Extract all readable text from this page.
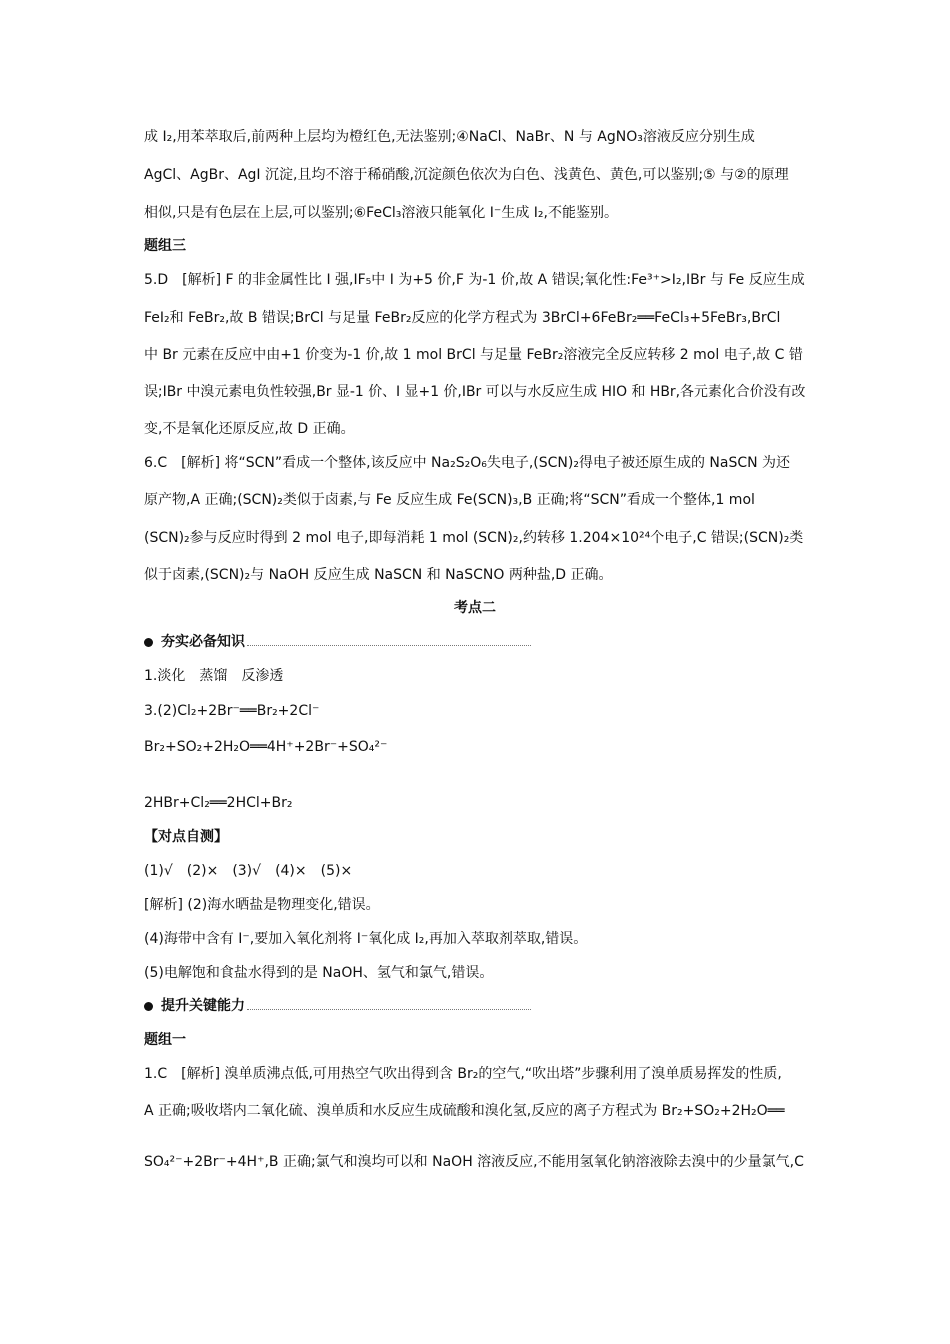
成 I₂,用苯萃取后,前两种上层均为橙红色,无法鉴别;④NaCl、NaBr、N 与 AgNO₃溶液反应分别生成
AgCl、AgBr、AgI 沉淀,且均不溶于稀硝酸,沉淀颜色依次为白色、浅黄色、黄色,可以鉴别;⑤ 与②的原理
相似,只是有色层在上层,可以鉴别;⑥FeCl₃溶液只能氧化 I⁻生成 I₂,不能鉴别。
题组三
5.D　[解析] F 的非金属性比 I 强,IF₅中 I 为+5 价,F 为-1 价,故 A 错误;氧化性:Fe³⁺>I₂,IBr 与 Fe 反应生成
FeI₂和 FeBr₂,故 B 错误;BrCl 与足量 FeBr₂反应的化学方程式为 3BrCl+6FeBr₂══FeCl₃+5FeBr₃,BrCl
中 Br 元素在反应中由+1 价变为-1 价,故 1 mol BrCl 与足量 FeBr₂溶液完全反应转移 2 mol 电子,故 C 错
误;IBr 中溴元素电负性较强,Br 显-1 价、I 显+1 价,IBr 可以与水反应生成 HIO 和 HBr,各元素化合价没有改
变,不是氧化还原反应,故 D 正确。
6.C　[解析] 将“SCN”看成一个整体,该反应中 Na₂S₂O₆失电子,(SCN)₂得电子被还原生成的 NaSCN 为还
原产物,A 正确;(SCN)₂类似于卤素,与 Fe 反应生成 Fe(SCN)₃,B 正确;将“SCN”看成一个整体,1 mol
(SCN)₂参与反应时得到 2 mol 电子,即每消耗 1 mol (SCN)₂,约转移 1.204×10²⁴个电子,C 错误;(SCN)₂类
似于卤素,(SCN)₂与 NaOH 反应生成 NaSCN 和 NaSCNO 两种盐,D 正确。
考点二
夯实必备知识
1.淡化　蒸馏　反渗透
3.(2)Cl₂+2Br⁻══Br₂+2Cl⁻
Br₂+SO₂+2H₂O══4H⁺+2Br⁻+SO₄²⁻
2HBr+Cl₂══2HCl+Br₂
【对点自测】
(1)√　(2)×　(3)√　(4)×　(5)×
[解析] (2)海水晒盐是物理变化,错误。
(4)海带中含有 I⁻,要加入氧化剂将 I⁻氧化成 I₂,再加入萃取剂萃取,错误。
(5)电解饱和食盐水得到的是 NaOH、氢气和氯气,错误。
提升关键能力
题组一
1.C　[解析] 溴单质沸点低,可用热空气吹出得到含 Br₂的空气,“吹出塔”步骤利用了溴单质易挥发的性质,
A 正确;吸收塔内二氧化硫、溴单质和水反应生成硫酸和溴化氢,反应的离子方程式为 Br₂+SO₂+2H₂O══
SO₄²⁻+2Br⁻+4H⁺,B 正确;氯气和溴均可以和 NaOH 溶液反应,不能用氢氧化钠溶液除去溴中的少量氯气,C
